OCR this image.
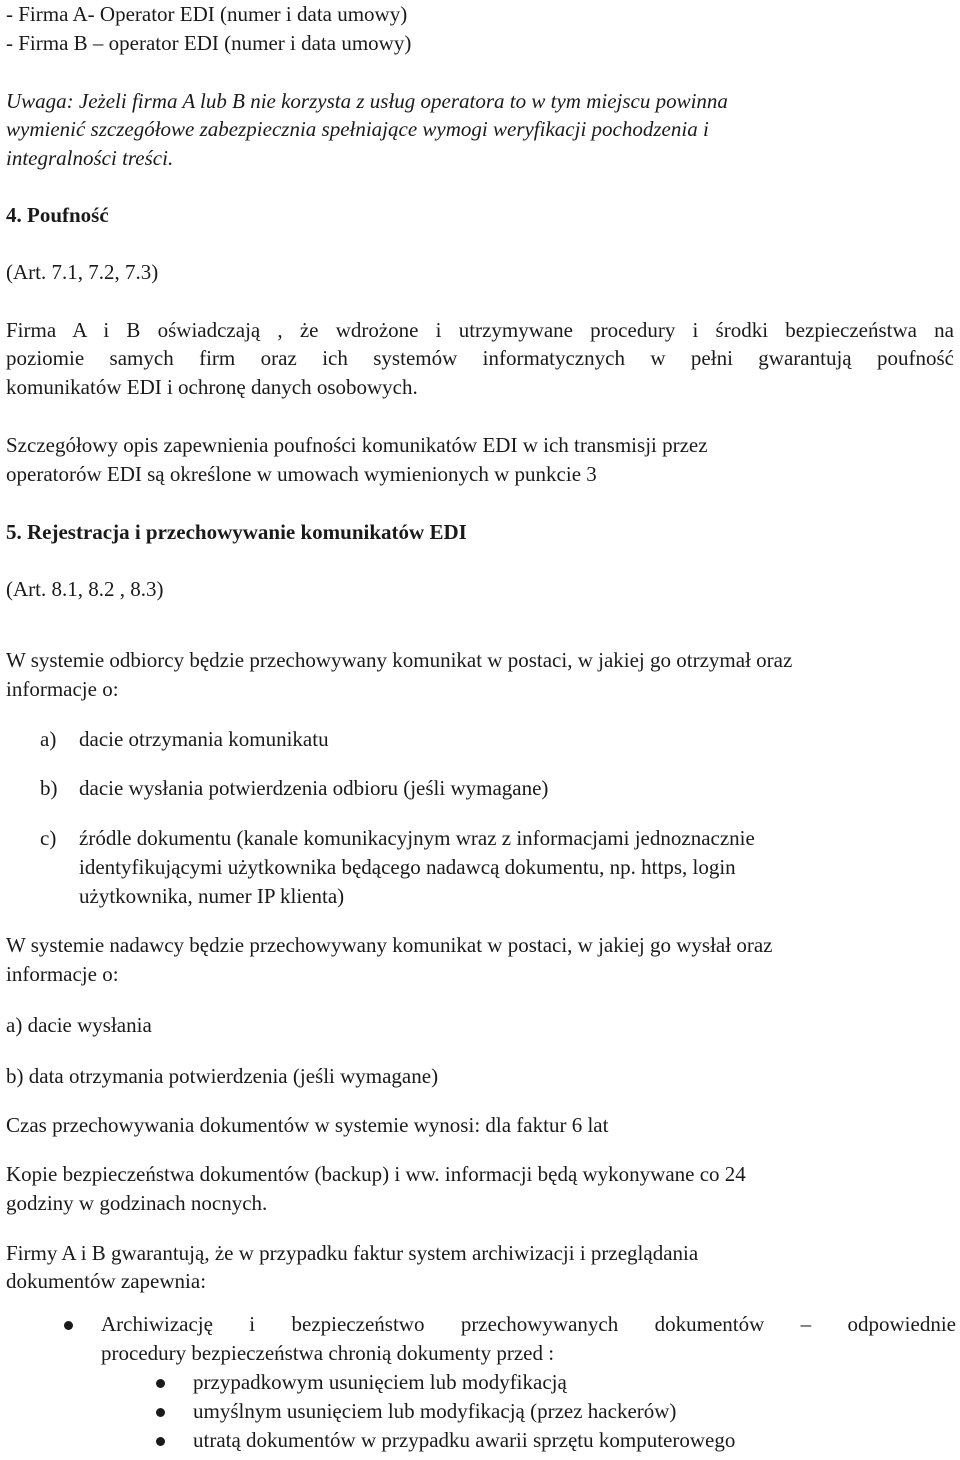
- Firma A- Operator EDI (numer i data umowy)
- Firma B – operator EDI (numer i data umowy)
Uwaga: Jeżeli firma A lub B nie korzysta z usług operatora to w tym miejscu powinna
wymienić szczegółowe zabezpiecznia spełniające wymogi weryfikacji pochodzenia i
integralności treści.
4. Poufność
(Art. 7.1, 7.2, 7.3)
Firma A i B oświadczają , że wdrożone i utrzymywane procedury i środki bezpieczeństwa na
poziomie samych firm oraz ich systemów informatycznych w pełni gwarantują poufność
komunikatów EDI i ochronę danych osobowych.
Szczegółowy opis zapewnienia poufności komunikatów EDI w ich transmisji przez
operatorów EDI są określone w umowach wymienionych w punkcie 3
5. Rejestracja i przechowywanie komunikatów EDI
(Art. 8.1, 8.2 , 8.3)
W systemie odbiorcy będzie przechowywany komunikat w postaci, w jakiej go otrzymał oraz
informacje o:
a) dacie otrzymania komunikatu
b) dacie wysłania potwierdzenia odbioru (jeśli wymagane)
c) źródle dokumentu (kanale komunikacyjnym wraz z informacjami jednoznacznie
identyfikującymi użytkownika będącego nadawcą dokumentu, np. https, login
użytkownika, numer IP klienta)
W systemie nadawcy będzie przechowywany komunikat w postaci, w jakiej go wysłał oraz
informacje o:
a) dacie wysłania
b) data otrzymania potwierdzenia (jeśli wymagane)
Czas przechowywania dokumentów w systemie wynosi: dla faktur 6 lat
Kopie bezpieczeństwa dokumentów (backup) i ww. informacji będą wykonywane co 24
godziny w godzinach nocnych.
Firmy A i B gwarantują, że w przypadku faktur system archiwizacji i przeglądania
dokumentów zapewnia:
Archiwizację i bezpieczeństwo przechowywanych dokumentów – odpowiednie
procedury bezpieczeństwa chronią dokumenty przed :
przypadkowym usunięciem lub modyfikacją
umyślnym usunięciem lub modyfikacją (przez hackerów)
utratą dokumentów w przypadku awarii sprzętu komputerowego
